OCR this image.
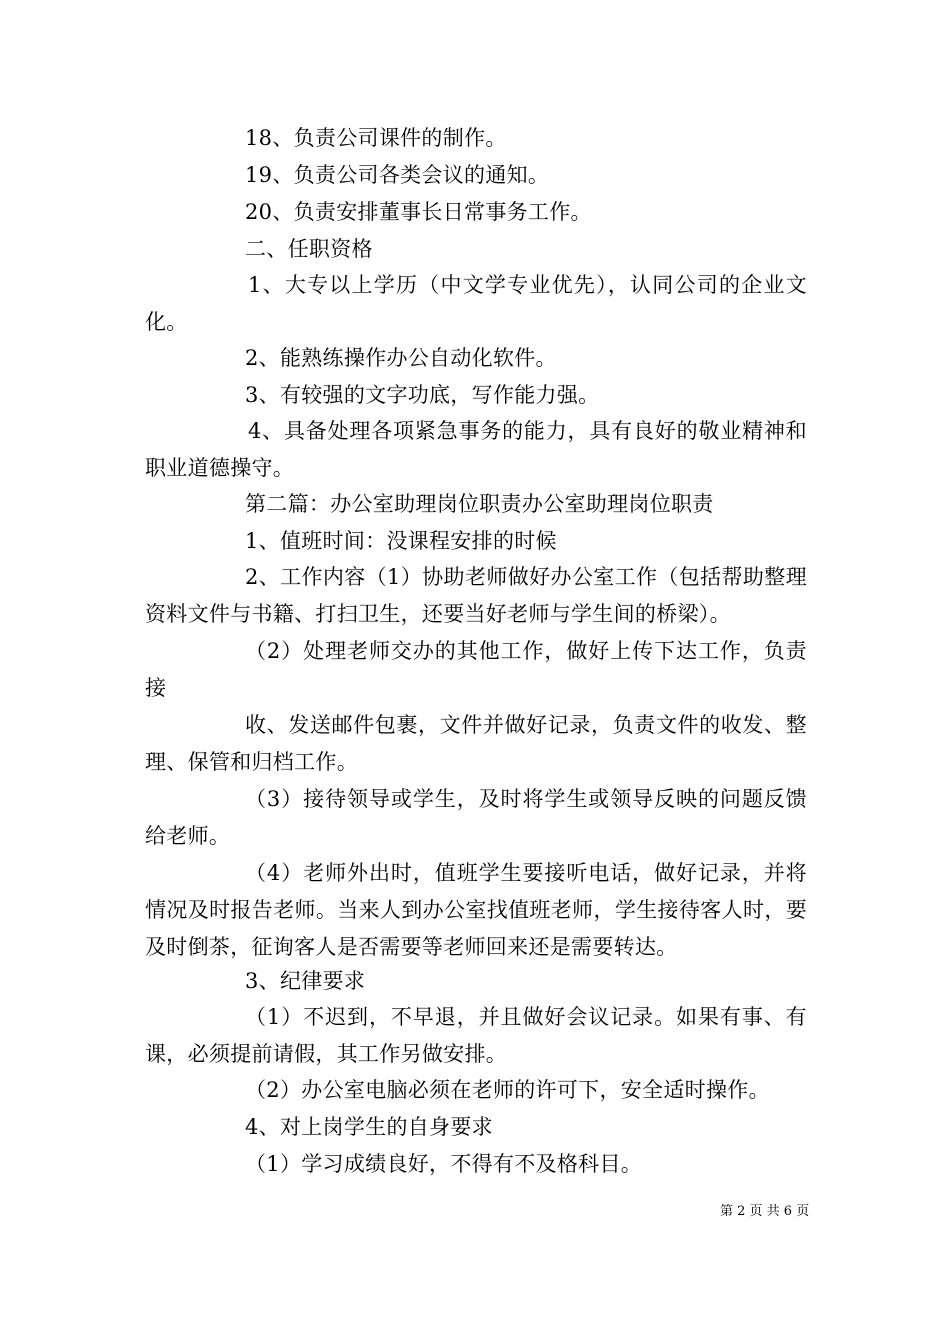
18、负责公司课件的制作。
19、负责公司各类会议的通知。
20、负责安排董事长日常事务工作。
二、任职资格
1、大专以上学历（中文学专业优先），认同公司的企业文化。
2、能熟练操作办公自动化软件。
3、有较强的文字功底，写作能力强。
4、具备处理各项紧急事务的能力，具有良好的敬业精神和职业道德操守。
第二篇：办公室助理岗位职责办公室助理岗位职责
1、值班时间：没课程安排的时候
2、工作内容（1）协助老师做好办公室工作（包括帮助整理资料文件与书籍、打扫卫生，还要当好老师与学生间的桥梁）。
（2）处理老师交办的其他工作，做好上传下达工作，负责接
收、发送邮件包裹，文件并做好记录，负责文件的收发、整理、保管和归档工作。
（3）接待领导或学生，及时将学生或领导反映的问题反馈给老师。
（4）老师外出时，值班学生要接听电话，做好记录，并将情况及时报告老师。当来人到办公室找值班老师，学生接待客人时，要及时倒茶，征询客人是否需要等老师回来还是需要转达。
3、纪律要求
（1）不迟到，不早退，并且做好会议记录。如果有事、有课，必须提前请假，其工作另做安排。
（2）办公室电脑必须在老师的许可下，安全适时操作。
4、对上岗学生的自身要求
（1）学习成绩良好，不得有不及格科目。
第 2 页 共 6 页
